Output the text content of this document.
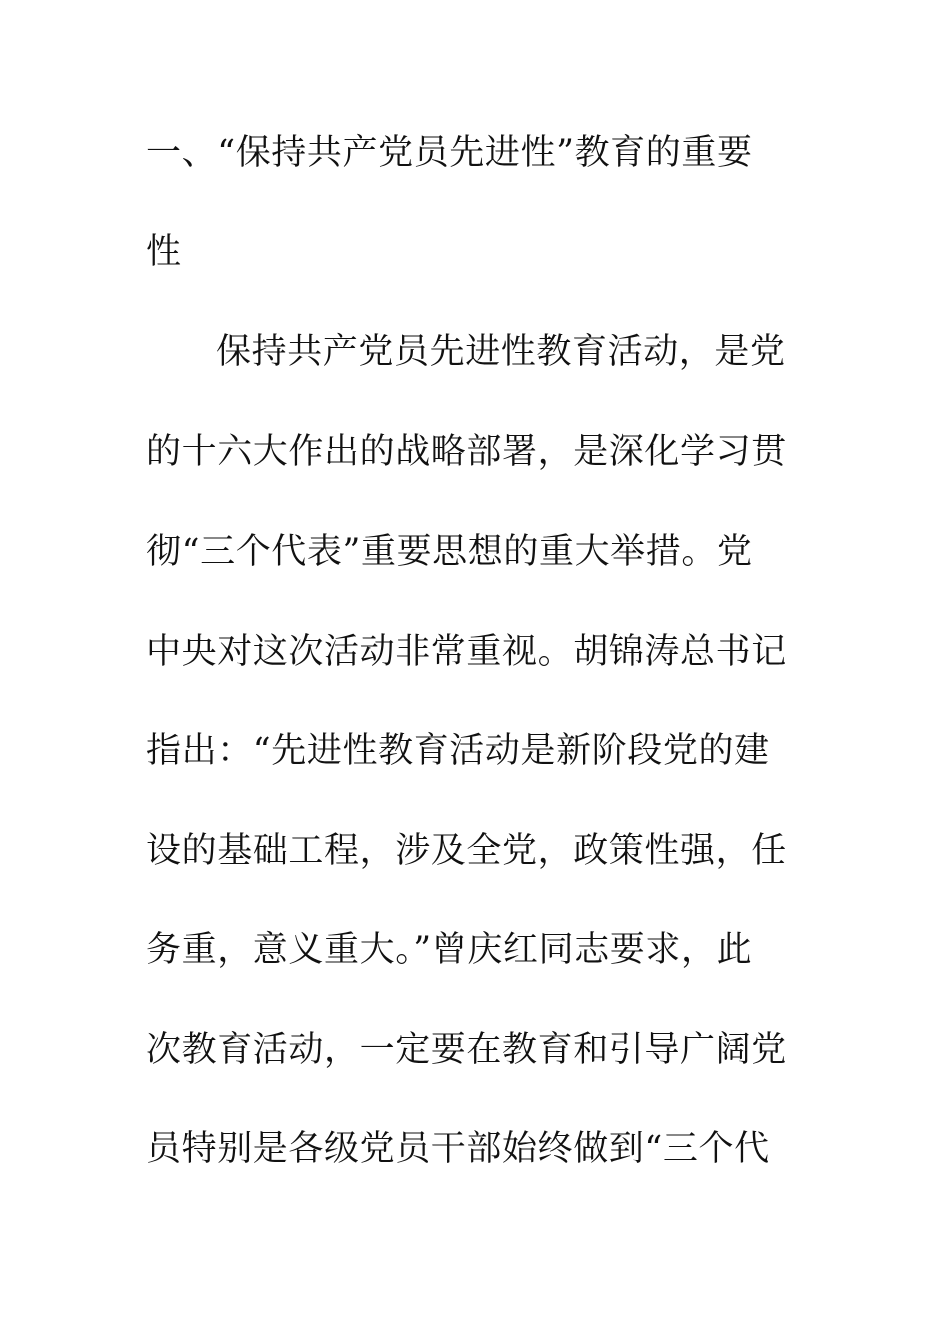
一、“保持共产党员先进性”教育的重要
性
保持共产党员先进性教育活动，是党
的十六大作出的战略部署，是深化学习贯
彻“三个代表”重要思想的重大举措。党
中央对这次活动非常重视。胡锦涛总书记
指出：“先进性教育活动是新阶段党的建
设的基础工程，涉及全党，政策性强，任
务重，意义重大。”曾庆红同志要求，此
次教育活动，一定要在教育和引导广阔党
员特别是各级党员干部始终做到“三个代
